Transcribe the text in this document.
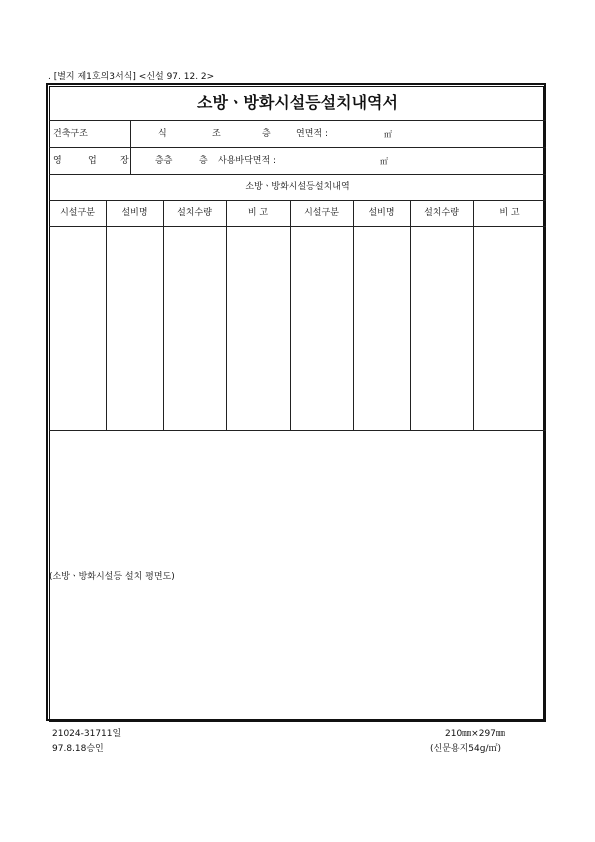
. [별지 제1호의3서식] <신설 97. 12. 2>
소방ㆍ방화시설등설치내역서
건축구조	식	조	층	연면적 :	㎡
영	업	장	층층	층 사용바닥면적 :	㎡
소방ㆍ방화시설등설치내역
시설구분	설비명	설치수량	비 고	시설구분	설비명	설치수량	비 고
(소방ㆍ방화시설등 설치 평면도)
21024-31711일
97.8.18승인
210㎜×297㎜
(신문용지54g/㎡)
